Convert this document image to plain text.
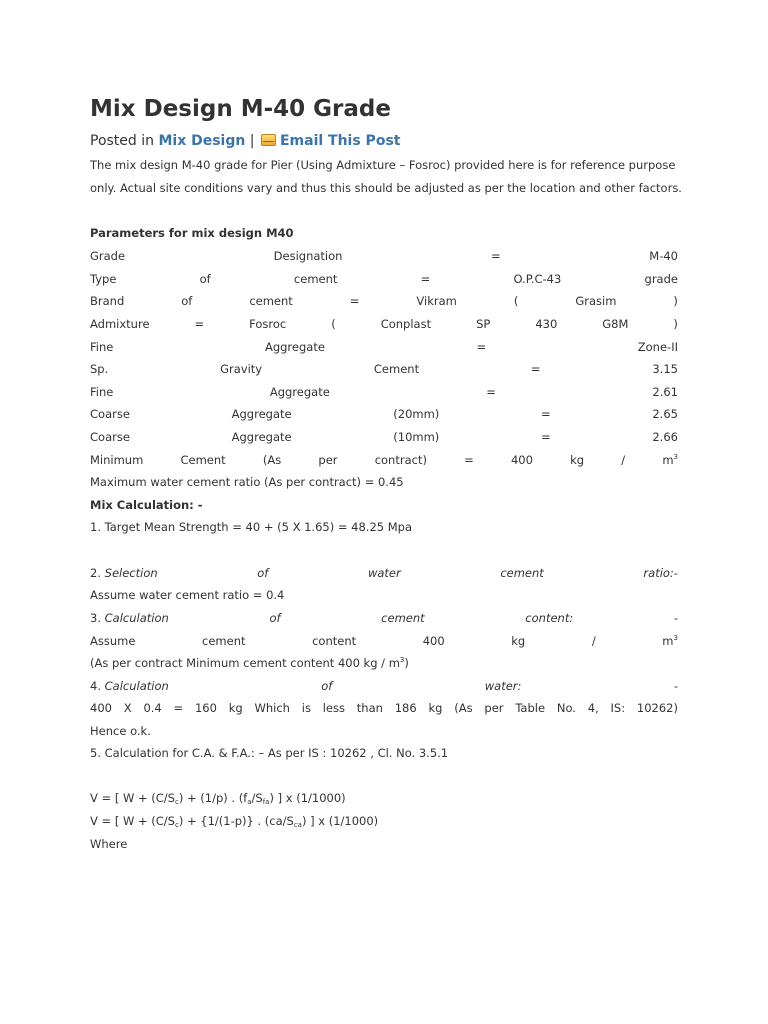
Mix Design M-40 Grade
Posted in Mix Design | Email This Post
The mix design M-40 grade for Pier (Using Admixture – Fosroc) provided here is for reference purpose
only. Actual site conditions vary and thus this should be adjusted as per the location and other factors.
Parameters for mix design M40
Grade	Designation	=	M-40
Type	of	cement	=	O.P.C-43	grade
Brand	of	cement	=	Vikram	(	Grasim	)
Admixture	=	Fosroc	(	Conplast	SP	430	G8M	)
Fine	Aggregate	=	Zone-II
Sp.	Gravity	Cement	=	3.15
Fine	Aggregate	=	2.61
Coarse	Aggregate	(20mm)	=	2.65
Coarse	Aggregate	(10mm)	=	2.66
Minimum	Cement	(As	per	contract)	=	400	kg	/	$m^3$
Maximum water cement ratio (As per contract) = 0.45
Mix Calculation: -
1. Target Mean Strength = 40 + (5 X 1.65) = 48.25 Mpa
2. Selection	of	water	cement	ratio:-
Assume water cement ratio = 0.4
3. Calculation	of	cement	content:	-
Assume	cement	content	400	kg	/	$m^3$
(As per contract Minimum cement content 400 kg / $m^3$)
4. Calculation	of	water:	-
400 X 0.4 = 160 kg Which is less than 186 kg (As per Table No. 4, IS: 10262)
Hence o.k.
5. Calculation for C.A. & F.A.: – As per IS : 10262 , Cl. No. 3.5.1
V = [ $W + (C/S_c) + (1/p)$ . $(f_a/S_{fa})$ ] x (1/1000)
V = [ $W + (C/S_c) + \{1/(1-p)\}$ . $(ca/S_{ca})$ ] x (1/1000)
Where
